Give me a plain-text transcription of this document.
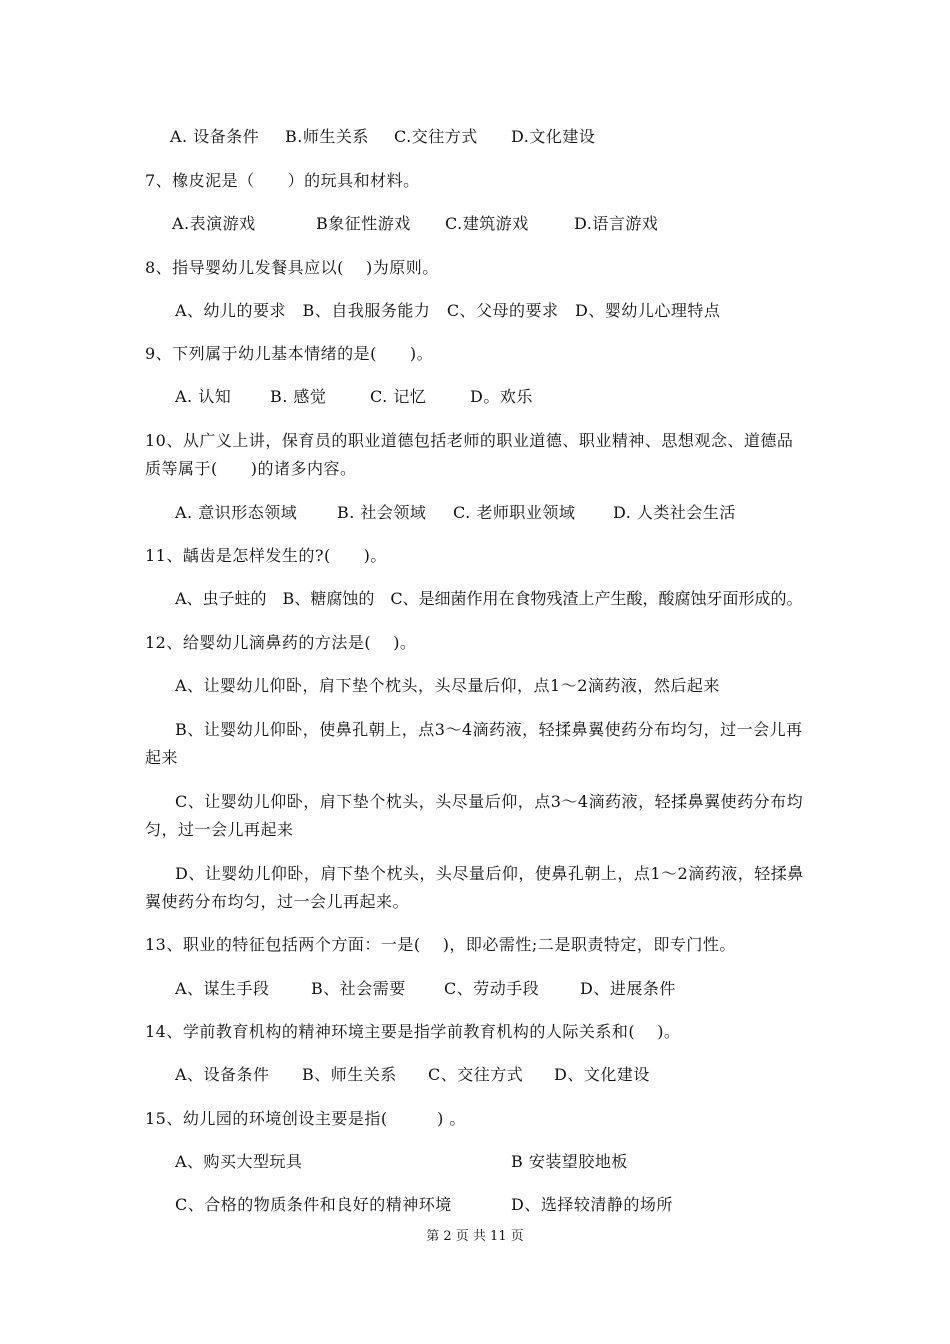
A. 设备条件 B.师生关系 C.交往方式 D.文化建设
7、橡皮泥是（　　）的玩具和材料。
A.表演游戏	B象征性游戏 C.建筑游戏	D.语言游戏
8、指导婴幼儿发餐具应以(　 )为原则。
A、幼儿的要求　B、自我服务能力　C、父母的要求　D、婴幼儿心理特点
9、下列属于幼儿基本情绪的是(　　)。
A. 认知 B. 感觉	C. 记忆	D。欢乐
10、从广义上讲，保育员的职业道德包括老师的职业道德、职业精神、思想观念、道德品
质等属于(　　)的诸多内容。
A. 意识形态领域 B. 社会领域 C. 老师职业领域 D. 人类社会生活
11、龋齿是怎样发生的?(　　)。
A、虫子蛀的　B、糖腐蚀的　C、是细菌作用在食物残渣上产生酸，酸腐蚀牙面形成的。
12、给婴幼儿滴鼻药的方法是(　 )。
A、让婴幼儿仰卧，肩下垫个枕头，头尽量后仰，点1～2滴药液，然后起来
B、让婴幼儿仰卧，使鼻孔朝上，点3～4滴药液，轻揉鼻翼使药分布均匀，过一会儿再
起来
C、让婴幼儿仰卧，肩下垫个枕头，头尽量后仰，点3～4滴药液，轻揉鼻翼使药分布均
匀，过一会儿再起来
D、让婴幼儿仰卧，肩下垫个枕头，头尽量后仰，使鼻孔朝上，点1～2滴药液，轻揉鼻
翼使药分布均匀，过一会儿再起来。
13、职业的特征包括两个方面：一是(　 )，即必需性;二是职责特定，即专门性。
A、谋生手段	B、社会需要 C、劳动手段	D、进展条件
14、学前教育机构的精神环境主要是指学前教育机构的人际关系和(　 )。
A、设备条件 B、师生关系 C、交往方式 D、文化建设
15、幼儿园的环境创设主要是指(　　　) 。
A、购买大型玩具	B 安装望胶地板
C、合格的物质条件和良好的精神环境	D、选择较清静的场所
第 2 页 共 11 页
